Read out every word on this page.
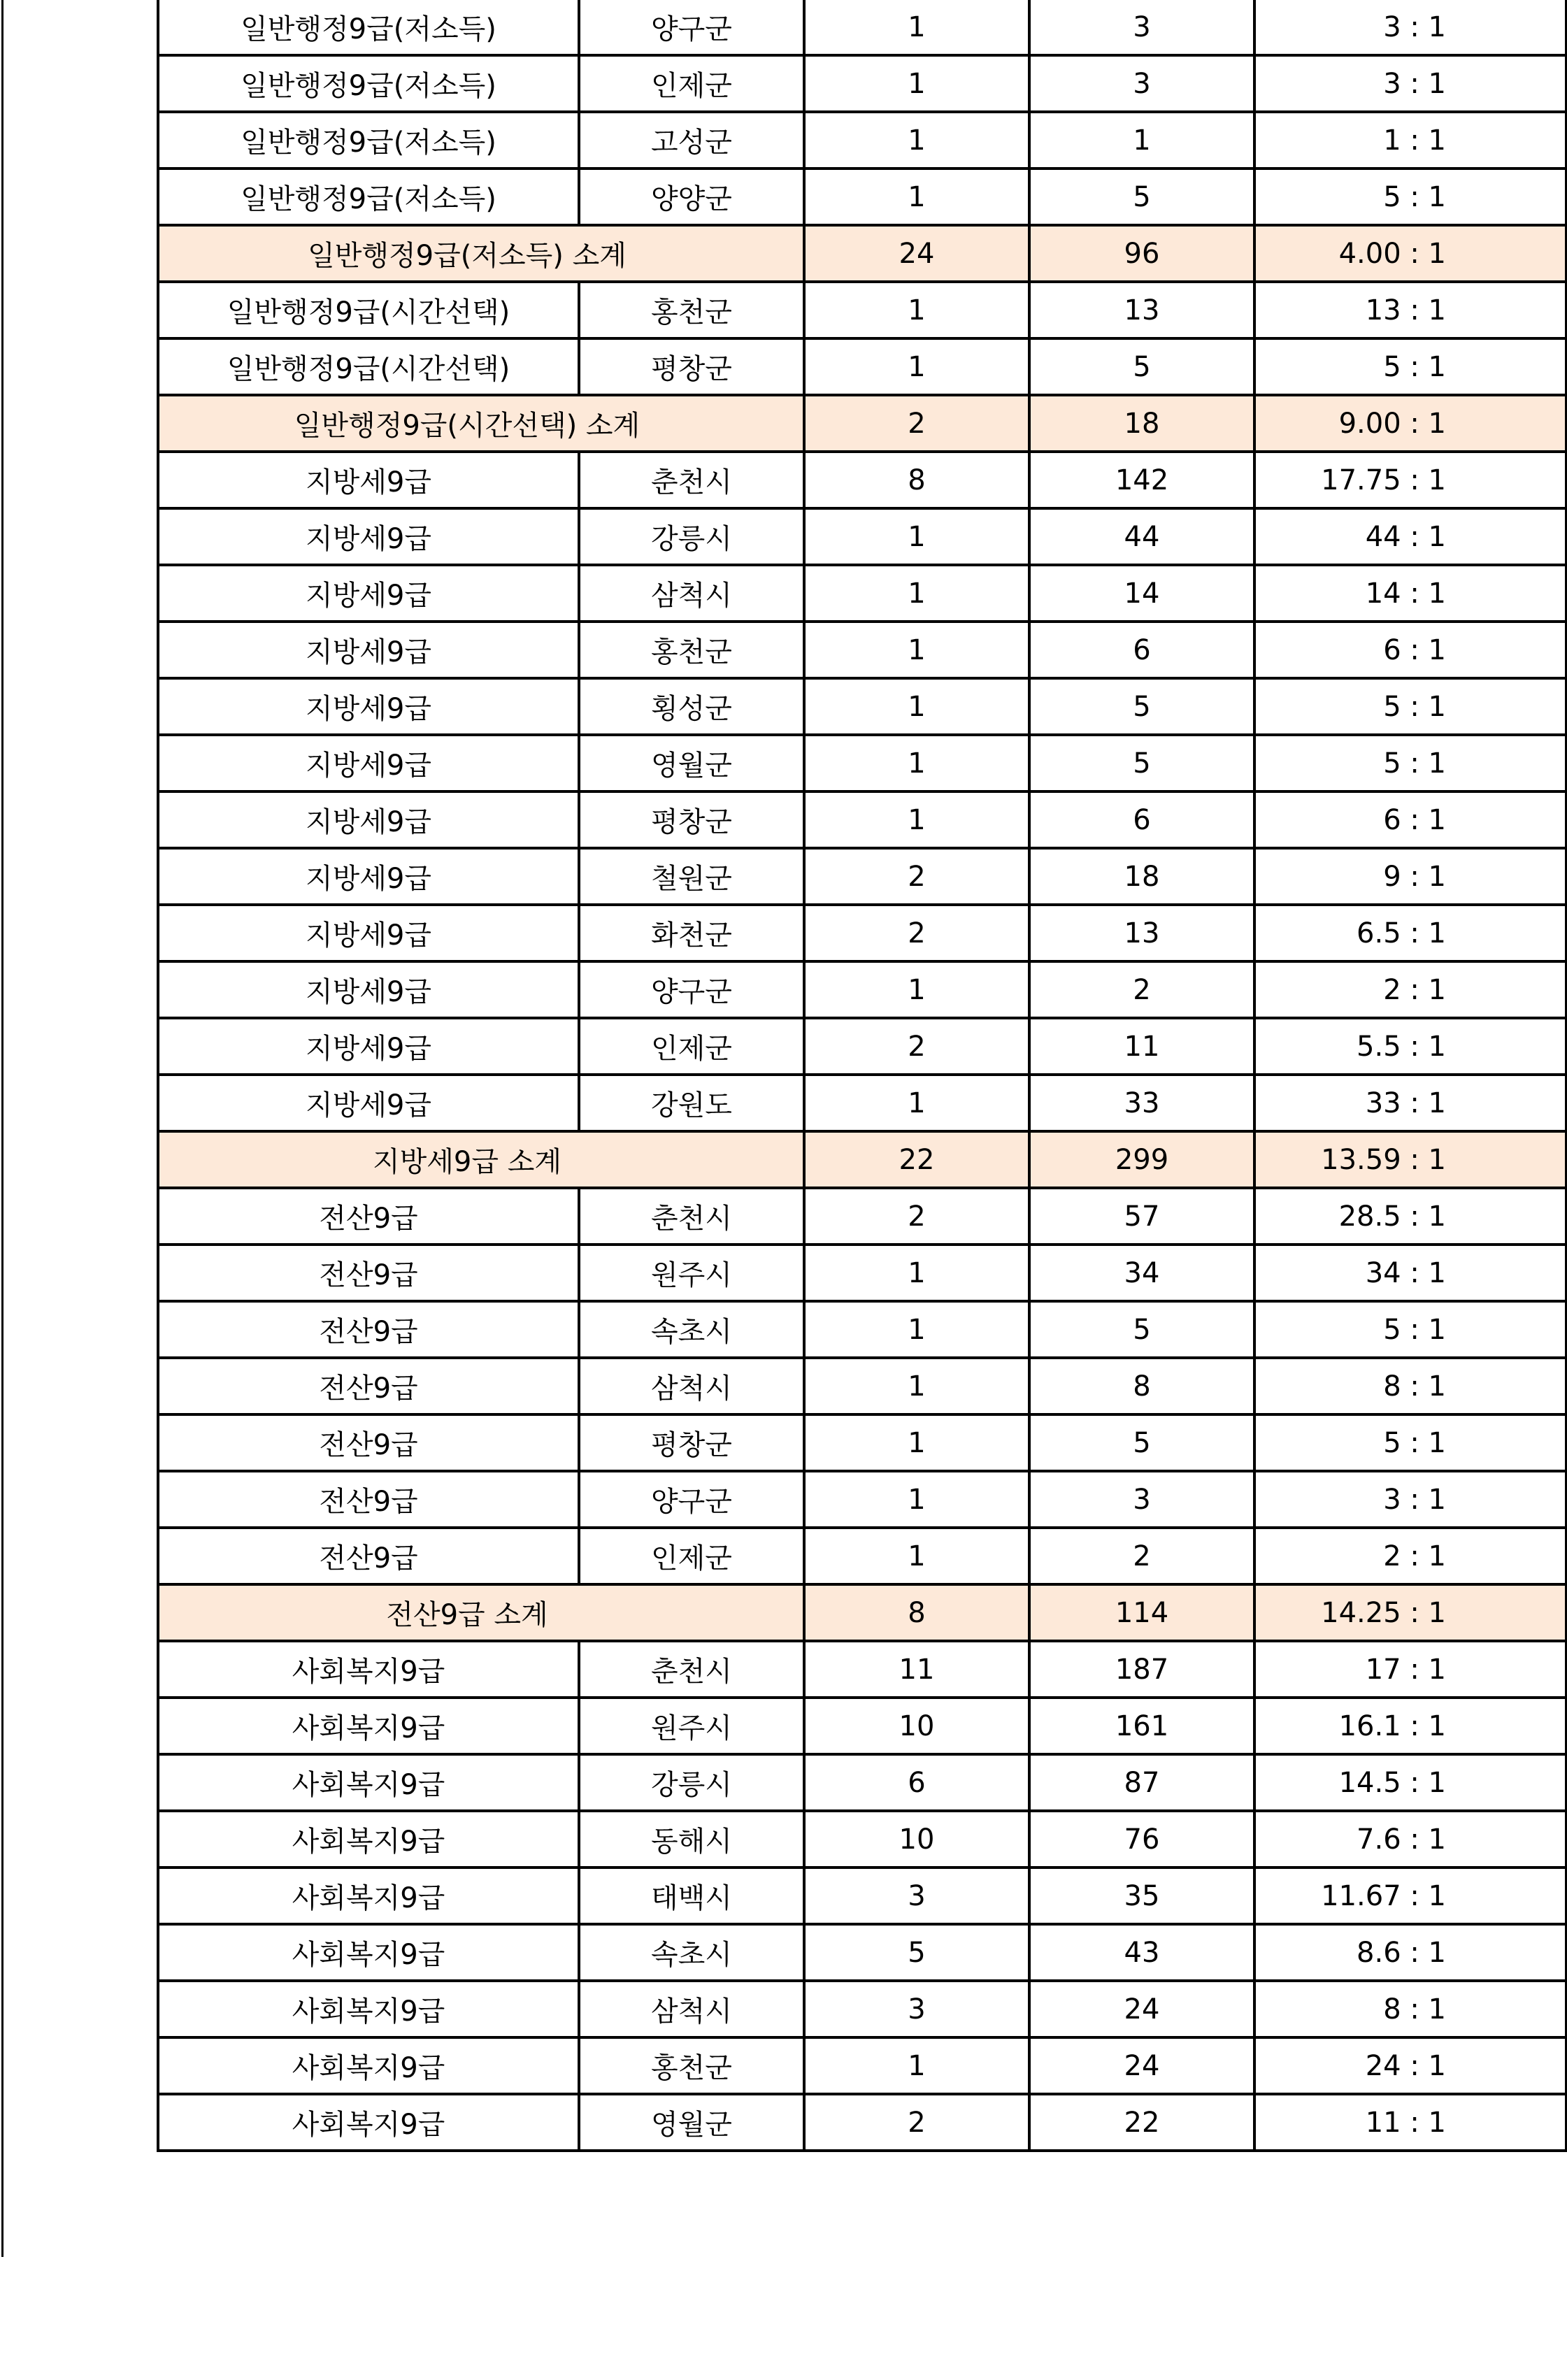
일반행정9급(저소득)	양구군	1	3	3 : 1
일반행정9급(저소득)	인제군	1	3	3 : 1
일반행정9급(저소득)	고성군	1	1	1 : 1
일반행정9급(저소득)	양양군	1	5	5 : 1
일반행정9급(저소득) 소계		24	96	4.00 : 1
일반행정9급(시간선택)	홍천군	1	13	13 : 1
일반행정9급(시간선택)	평창군	1	5	5 : 1
일반행정9급(시간선택) 소계		2	18	9.00 : 1
지방세9급	춘천시	8	142	17.75 : 1
지방세9급	강릉시	1	44	44 : 1
지방세9급	삼척시	1	14	14 : 1
지방세9급	홍천군	1	6	6 : 1
지방세9급	횡성군	1	5	5 : 1
지방세9급	영월군	1	5	5 : 1
지방세9급	평창군	1	6	6 : 1
지방세9급	철원군	2	18	9 : 1
지방세9급	화천군	2	13	6.5 : 1
지방세9급	양구군	1	2	2 : 1
지방세9급	인제군	2	11	5.5 : 1
지방세9급	강원도	1	33	33 : 1
지방세9급 소계		22	299	13.59 : 1
전산9급	춘천시	2	57	28.5 : 1
전산9급	원주시	1	34	34 : 1
전산9급	속초시	1	5	5 : 1
전산9급	삼척시	1	8	8 : 1
전산9급	평창군	1	5	5 : 1
전산9급	양구군	1	3	3 : 1
전산9급	인제군	1	2	2 : 1
전산9급 소계		8	114	14.25 : 1
사회복지9급	춘천시	11	187	17 : 1
사회복지9급	원주시	10	161	16.1 : 1
사회복지9급	강릉시	6	87	14.5 : 1
사회복지9급	동해시	10	76	7.6 : 1
사회복지9급	태백시	3	35	11.67 : 1
사회복지9급	속초시	5	43	8.6 : 1
사회복지9급	삼척시	3	24	8 : 1
사회복지9급	홍천군	1	24	24 : 1
사회복지9급	영월군	2	22	11 : 1
